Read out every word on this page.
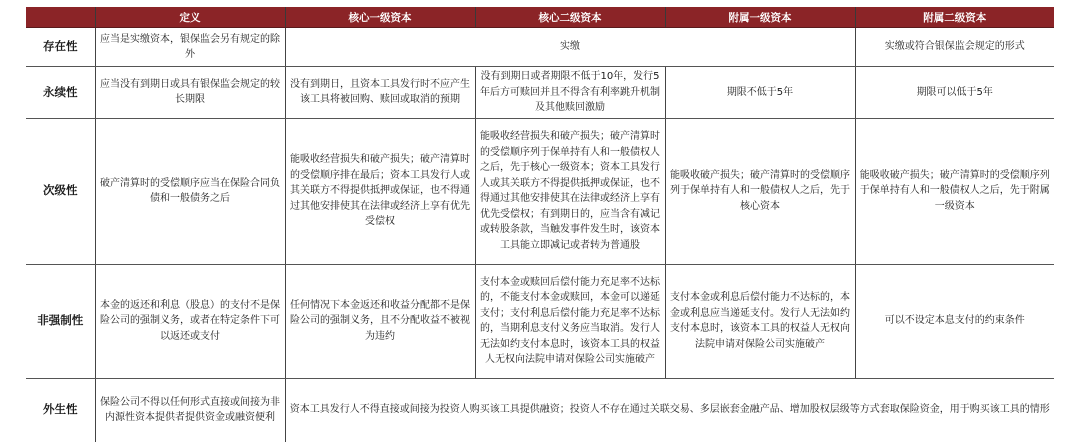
	定义	核心一级资本	核心二级资本	附属一级资本	附属二级资本
存在性	应当是实缴资本，银保监会另有规定的除外	实缴			实缴或符合银保监会规定的形式
永续性	应当没有到期日或具有银保监会规定的较长期限	没有到期日，且资本工具发行时不应产生该工具将被回购、赎回或取消的预期	没有到期日或者期限不低于10年，发行5年后方可赎回并且不得含有利率跳升机制及其他赎回激励	期限不低于5年	期限可以低于5年
次级性	破产清算时的受偿顺序应当在保险合同负债和一般债务之后	能吸收经营损失和破产损失；破产清算时的受偿顺序排在最后；资本工具发行人或其关联方不得提供抵押或保证，也不得通过其他安排使其在法律或经济上享有优先受偿权	能吸收经营损失和破产损失；破产清算时的受偿顺序列于保单持有人和一般债权人之后，先于核心一级资本；资本工具发行人或其关联方不得提供抵押或保证，也不得通过其他安排使其在法律或经济上享有优先受偿权；有到期日的，应当含有减记或转股条款，当触发事件发生时，该资本工具能立即减记或者转为普通股	能吸收破产损失；破产清算时的受偿顺序列于保单持有人和一般债权人之后，先于核心资本	能吸收破产损失；破产清算时的受偿顺序列于保单持有人和一般债权人之后，先于附属一级资本
非强制性	本金的返还和利息（股息）的支付不是保险公司的强制义务，或者在特定条件下可以返还或支付	任何情况下本金返还和收益分配都不是保险公司的强制义务，且不分配收益不被视为违约	支付本金或赎回后偿付能力充足率不达标的，不能支付本金或赎回，本金可以递延支付；支付利息后偿付能力充足率不达标的，当期利息支付义务应当取消。发行人无法如约支付本息时，该资本工具的权益人无权向法院申请对保险公司实施破产	支付本金或利息后偿付能力不达标的，本金或利息应当递延支付。发行人无法如约支付本息时，该资本工具的权益人无权向法院申请对保险公司实施破产	可以不设定本息支付的约束条件
外生性	保险公司不得以任何形式直接或间接为非内源性资本提供者提供资金或融资便利	资本工具发行人不得直接或间接为投资人购买该工具提供融资；投资人不存在通过关联交易、多层嵌套金融产品、增加股权层级等方式套取保险资金，用于购买该工具的情形			
